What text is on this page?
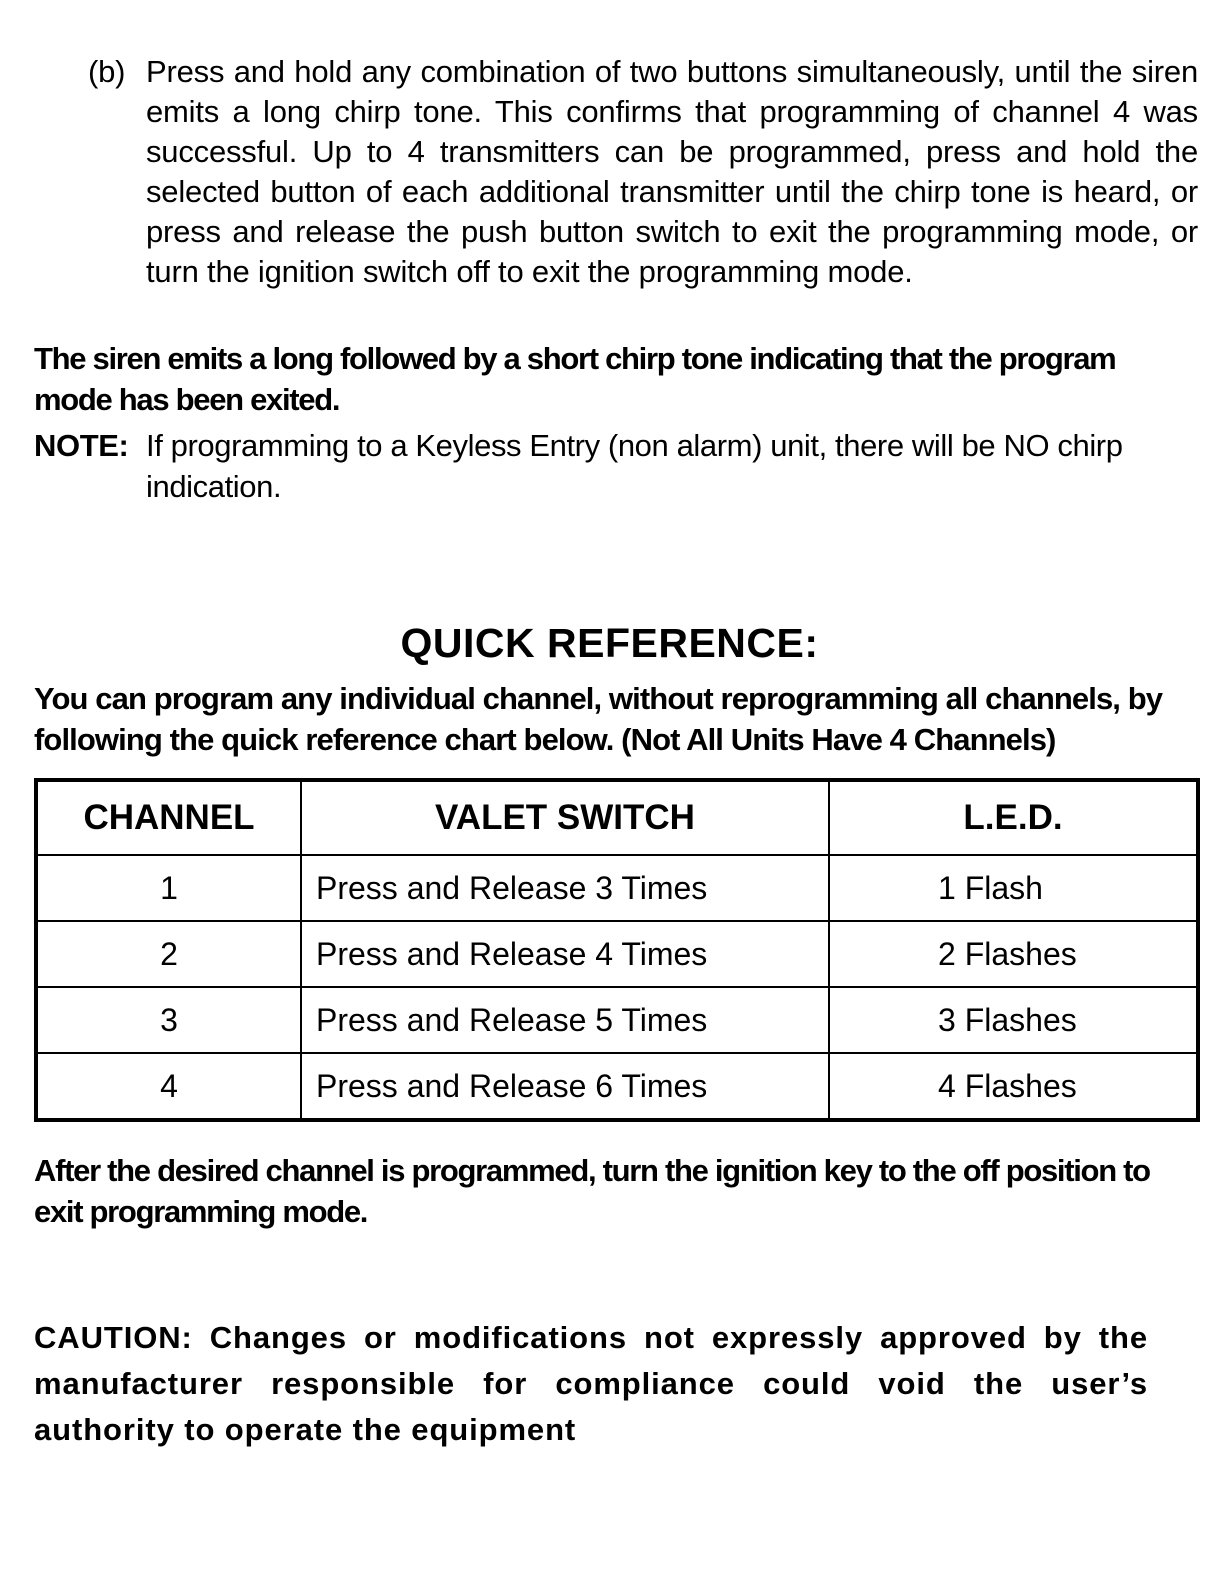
(b) Press and hold any combination of two buttons simultaneously, until the siren emits a long chirp tone. This confirms that programming of channel 4 was successful. Up to 4 transmitters can be programmed, press and hold the selected button of each additional transmitter until the chirp tone is heard, or press and release the push button switch to exit the programming mode, or turn the ignition switch off to exit the programming mode.
The siren emits a long followed by a short chirp tone indicating that the program mode has been exited.
NOTE: If programming to a Keyless Entry (non alarm) unit, there will be NO chirp indication.
QUICK REFERENCE:
You can program any individual channel, without reprogramming all channels, by following the quick reference chart below. (Not All Units Have 4 Channels)
CHANNEL	VALET SWITCH	L.E.D.
1	Press and Release 3 Times	1 Flash
2	Press and Release 4 Times	2 Flashes
3	Press and Release 5 Times	3 Flashes
4	Press and Release 6 Times	4 Flashes
After the desired channel is programmed, turn the ignition key to the off position to exit programming mode.
CAUTION: Changes or modifications not expressly approved by the manufacturer responsible for compliance could void the user’s authority to operate the equipment
